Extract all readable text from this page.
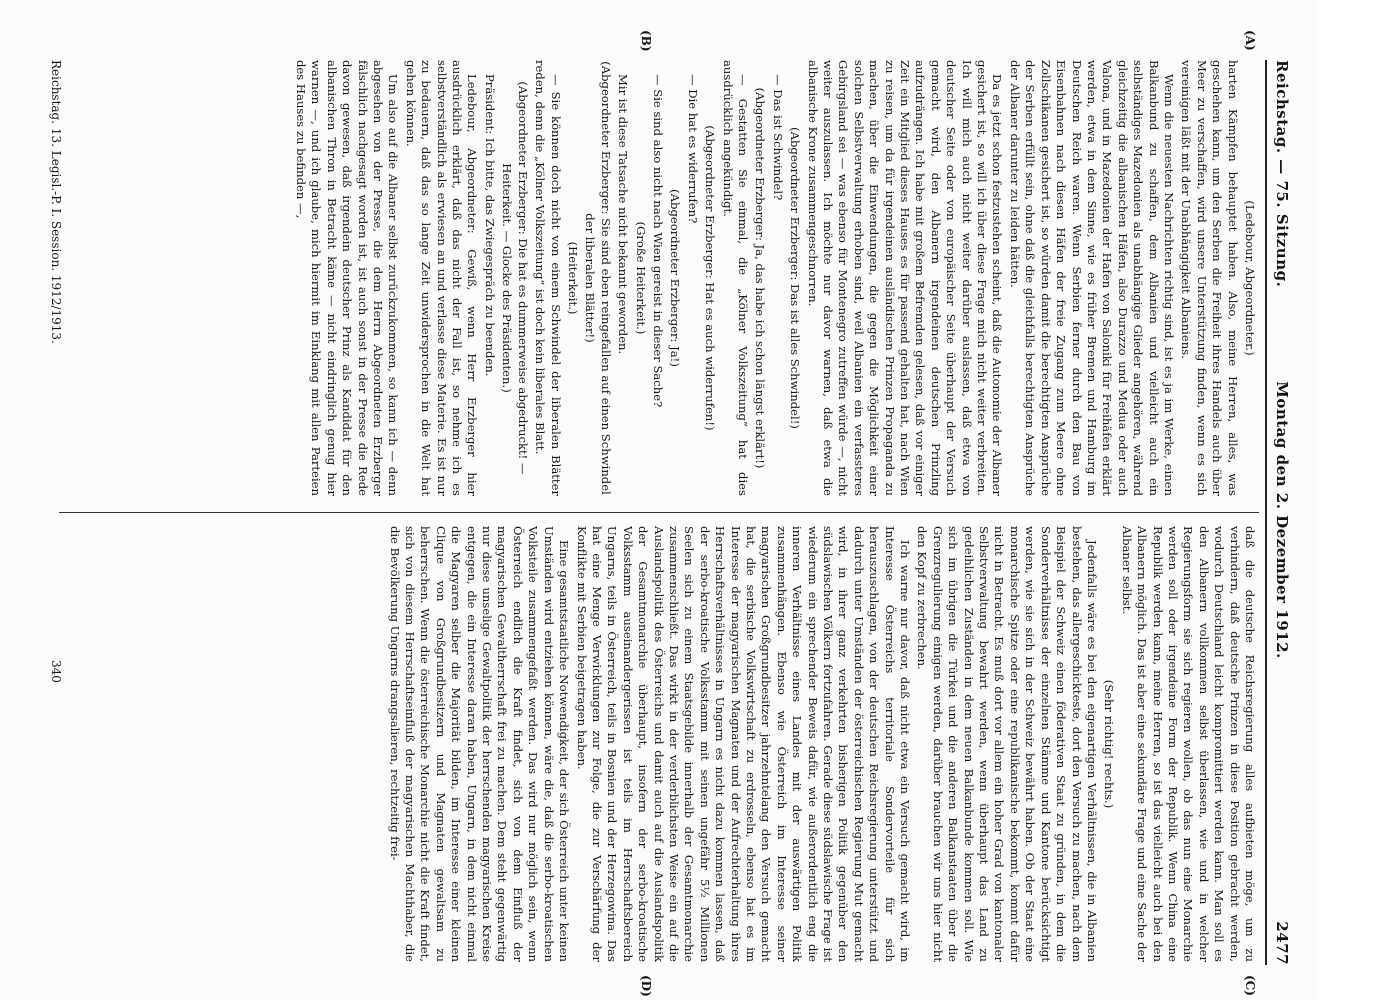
Reichstag. — 75. Sitzung.
Montag den 2. Dezember 1912.
2477
(A)
(B)
(C)
(D)

(Ledebour, Abgeordneter.)

harten Kämpfen behauptet haben. Also, meine Herren, alles, was geschehen kann, um den Serben die Freiheit ihres Handels auch über Meer zu verschaffen, wird unsere Unterstützung finden, wenn es sich vereinigen läßt mit der Unabhängigkeit Albaniens.

Wenn die neuesten Nachrichten richtig sind, ist es ja im Werke, einen Balkanbund zu schaffen, dem Albanien und vielleicht auch ein selbständiges Mazedonien als unabhängige Glieder angehören, während gleichzeitig die albanischen Häfen, also Durazzo und Medua oder auch Valona, und in Mazedonien der Hafen von Saloniki für Freihäfen erklärt werden, etwa in dem Sinne, wie es früher Bremen und Hamburg im Deutschen Reich waren. Wenn Serbien ferner durch den Bau von Eisenbahnen nach diesen Häfen der freie Zugang zum Meere ohne Zollschikanen gesichert ist, so würden damit die berechtigten Ansprüche der Serben erfüllt sein, ohne daß die gleichfalls berechtigten Ansprüche der Albaner darunter zu leiden hätten.

Da es jetzt schon festzustehen scheint, daß die Autonomie der Albaner gesichert ist, so will ich über diese Frage mich nicht weiter verbreiten. Ich will mich auch nicht weiter darüber auslassen, daß etwa von deutscher Seite oder von europäischer Seite überhaupt der Versuch gemacht wird, den Albanern irgendeinen deutschen Prinzling aufzudrängen. Ich habe mit großem Befremden gelesen, daß vor einiger Zeit ein Mitglied dieses Hauses es für passend gehalten hat, nach Wien zu reisen, um da für irgendeinen ausländischen Prinzen Propaganda zu machen, über die Einwendungen, die gegen die Möglichkeit einer solchen Selbstverwaltung erhoben sind, weil Albanien ein verfassteres Gebirgsland sei — was ebenso für Montenegro zutreffen würde —, nicht weiter auszulassen. Ich möchte nur davor warnen, daß etwa die albanische Krone zusammengeschnorren.

(Abgeordneter Erzberger: Das ist alles Schwindel!)

— Das ist Schwindel?

(Abgeordneter Erzberger: Ja, das habe ich schon längst erklärt!)

— Gestatten Sie einmal, die „Kölner Volkszeitung“ hat dies ausdrücklich angekündigt.

(Abgeordneter Erzberger: Hat es auch widerrufen!)

— Die hat es widerrufen?

(Abgeordneter Erzberger: Ja!)

— Sie sind also nicht nach Wien gereist in dieser Sache?

(Große Heiterkeit.)

Mir ist diese Tatsache nicht bekannt geworden.

(Abgeordneter Erzberger: Sie sind eben reingefallen auf einen Schwindel der liberalen Blätter!)

(Heiterkeit.)

— Sie können doch nicht von einem Schwindel der liberalen Blätter reden, denn die „Kölner Volkszeitung“ ist doch kein liberales Blatt.

(Abgeordneter Erzberger: Die hat es dummerweise abgedruckt! — Heiterkeit. — Glocke des Präsidenten.)

Präsident: Ich bitte, das Zwiegespräch zu beenden.

Ledebour, Abgeordneter: Gewiß, wenn Herr Erzberger hier ausdrücklich erklärt, daß das nicht der Fall ist, so nehme ich es selbstverständlich als erwiesen an und verlasse diese Materie. Es ist nur zu bedauern, daß das so lange Zeit unwidersprochen in die Welt hat gehen können.

Um also auf die Albaner selbst zurückzukommen, so kann ich — denn abgesehen von der Presse, die dem Herrn Abgeordneten Erzberger fälschlich nachgesagt worden ist, ist auch sonst in der Presse die Rede davon gewesen, daß irgendein deutscher Prinz als Kandidat für den albanischen Thron in Betracht käme — nicht eindringlich genug hier warnen —, und ich glaube, mich hiermit im Einklang mit allen Parteien des Hauses zu befinden —,

daß die deutsche Reichsregierung alles aufbieten möge, um zu verhindern, daß deutsche Prinzen in diese Position gebracht werden, wodurch Deutschland leicht kompromittiert werden kann. Man soll es den Albanern vollkommen selbst überlassen, wie und in welcher Regierungsform sie sich regieren wollen, ob das nun eine Monarchie werden soll oder irgendeine Form der Republik. Wenn China eine Republik werden kann, meine Herren, so ist das vielleicht auch bei den Albanern möglich. Das ist aber eine sekundäre Frage und eine Sache der Albaner selbst.

(Sehr richtig! rechts.)

Jedenfalls wäre es bei den eigenartigen Verhältnissen, die in Albanien bestehen, das allergeschickteste, dort den Versuch zu machen, nach dem Beispiel der Schweiz einen föderativen Staat zu gründen, in dem die Sonderverhältnisse der einzelnen Stämme und Kantone berücksichtigt werden, wie sie sich in der Schweiz bewährt haben. Ob der Staat eine monarchische Spitze oder eine republikanische bekommt, kommt dafür nicht in Betracht. Es muß dort vor allem ein hoher Grad von kantonaler Selbstverwaltung bewahrt werden, wenn überhaupt das Land zu gedeihlichen Zuständen in dem neuen Balkanbunde kommen soll. Wie sich im übrigen die Türkei und die anderen Balkanstaaten über die Grenzregulierung einigen werden, darüber brauchen wir uns hier nicht den Kopf zu zerbrechen.

Ich warne nur davor, daß nicht etwa ein Versuch gemacht wird, im Interesse Österreichs territoriale Sondervorteile für sich herauszuschlagen, von der deutschen Reichsregierung unterstützt und dadurch unter Umständen der österreichischen Regierung Mut gemacht wird, in ihrer ganz verkehrten bisherigen Politik gegenüber den südslawischen Völkern fortzufahren. Gerade diese südslawische Frage ist wiederum ein sprechender Beweis dafür, wie außerordentlich eng die inneren Verhältnisse eines Landes mit der auswärtigen Politik zusammenhängen. Ebenso wie Österreich im Interesse seiner magyarischen Großgrundbesitzer jahrzehntelang den Versuch gemacht hat, die serbische Volkswirtschaft zu erdrosseln, ebenso hat es im Interesse der magyarischen Magnaten und der Aufrechterhaltung ihres Herrschaftsverhältnisses in Ungarn es nicht dazu kommen lassen, daß der serbo-kroatische Volksstamm mit seinen ungefähr 5½ Millionen Seelen sich zu einem Staatsgebilde innerhalb der Gesamtmonarchie zusammenschließt. Das wirkt in der verderblichsten Weise ein auf die Auslandspolitik des Österreichs und damit auch auf die Auslandspolitik der Gesamtmonarchie überhaupt, insofern der serbo-kroatische Volksstamm auseinandergerissen ist teils im Herrschaftsbereich Ungarns, teils in Österreich, teils in Bosnien und der Herzegowina. Das hat eine Menge Verwicklungen zur Folge, die zur Verschärfung der Konflikte mit Serbien beigetragen haben.

Eine gesamtstaatliche Notwendigkeit, der sich Österreich unter keinen Umständen wird entziehen können, wäre die, daß die serbo-kroatischen Volksteile zusammengefaßt werden. Das wird nur möglich sein, wenn Österreich endlich die Kraft findet, sich von dem Einfluß der magyarischen Gewaltherrschaft frei zu machen. Dem steht gegenwärtig nur diese unselige Gewaltpolitik der herrschenden magyarischen Kreise entgegen, die ein Interesse daran haben, Ungarn, in dem nicht einmal die Magyaren selber die Majorität bilden, im Interesse einer kleinen Clique von Großgrundbesitzern und Magnaten gewaltsam zu beherrschen. Wenn die österreichische Monarchie nicht die Kraft findet, sich von diesem Herrschaftseinfluß der magyarischen Machthaber, die die Bevölkerung Ungarns drangsalieren, rechtzeitig frei-

Reichstag. 13. Legisl.-P. I. Session. 1912/1913.
340
